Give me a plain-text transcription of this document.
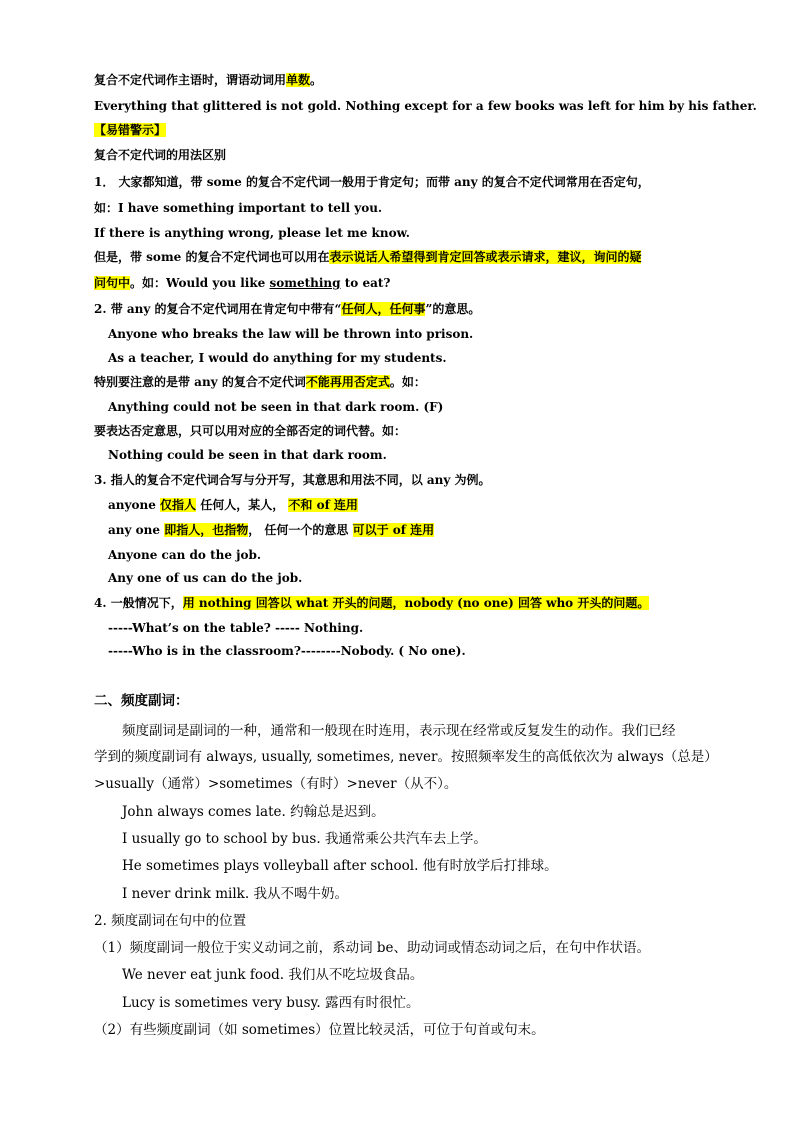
复合不定代词作主语时，谓语动词用单数。
Everything that glittered is not gold. Nothing except for a few books was left for him by his father.
【易错警示】
复合不定代词的用法区别
1． 大家都知道，带 some 的复合不定代词一般用于肯定句；而带 any 的复合不定代词常用在否定句，
如：I have something important to tell you.
If there is anything wrong, please let me know.
但是，带 some 的复合不定代词也可以用在表示说话人希望得到肯定回答或表示请求，建议，询问的疑
问句中。如：Would you like something to eat?
2. 带 any 的复合不定代词用在肯定句中带有“任何人，任何事”的意思。
Anyone who breaks the law will be thrown into prison.
As a teacher, I would do anything for my students.
特别要注意的是带 any 的复合不定代词不能再用否定式。如：
Anything could not be seen in that dark room. (F)
要表达否定意思，只可以用对应的全部否定的词代替。如：
Nothing could be seen in that dark room.
3. 指人的复合不定代词合写与分开写，其意思和用法不同，以 any 为例。
anyone 仅指人 任何人，某人， 不和 of 连用
any one 即指人，也指物， 任何一个的意思 可以于 of 连用
Anyone can do the job.
Any one of us can do the job.
4. 一般情况下，用 nothing 回答以 what 开头的问题，nobody (no one) 回答 who 开头的问题。
-----What’s on the table? ----- Nothing.
-----Who is in the classroom?--------Nobody. ( No one).
二、频度副词：
频度副词是副词的一种，通常和一般现在时连用，表示现在经常或反复发生的动作。我们已经
学到的频度副词有 always, usually, sometimes, never。按照频率发生的高低依次为 always（总是）
>usually（通常）>sometimes（有时）>never（从不）。
John always comes late. 约翰总是迟到。
I usually go to school by bus. 我通常乘公共汽车去上学。
He sometimes plays volleyball after school. 他有时放学后打排球。
I never drink milk. 我从不喝牛奶。
2. 频度副词在句中的位置
（1）频度副词一般位于实义动词之前，系动词 be、助动词或情态动词之后，在句中作状语。
We never eat junk food. 我们从不吃垃圾食品。
Lucy is sometimes very busy. 露西有时很忙。
（2）有些频度副词（如 sometimes）位置比较灵活，可位于句首或句末。
